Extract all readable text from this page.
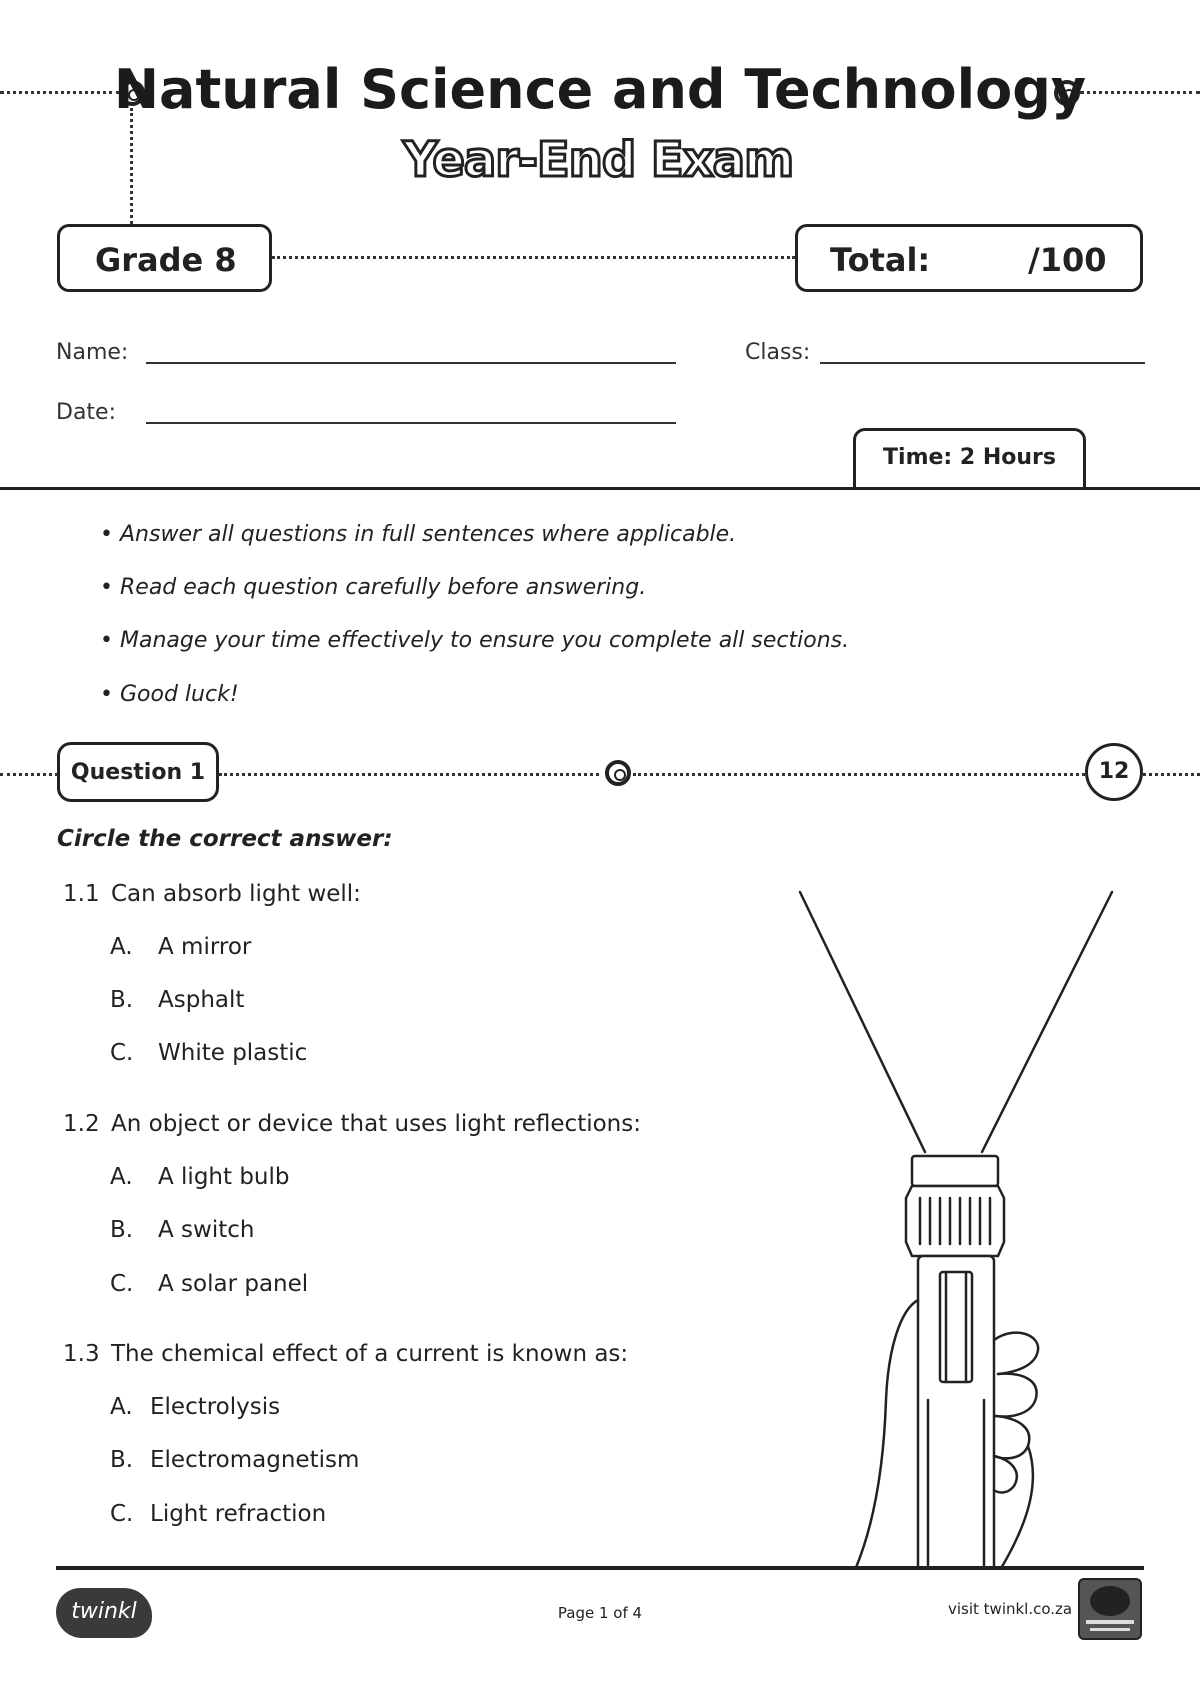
Natural Science and Technology
Year-End Exam
Grade 8	Total:	/100
Name:	Class:
Date:
Time: 2 Hours
• Answer all questions in full sentences where applicable.
• Read each question carefully before answering.
• Manage your time effectively to ensure you complete all sections.
• Good luck!
Question 1	12
Circle the correct answer:
1.1 Can absorb light well:
A. A mirror
B. Asphalt
C. White plastic
1.2 An object or device that uses light reflections:
A. A light bulb
B. A switch
C. A solar panel
1.3 The chemical effect of a current is known as:
A. Electrolysis
B. Electromagnetism
C. Light refraction
twinkl	Page 1 of 4	visit twinkl.co.za
